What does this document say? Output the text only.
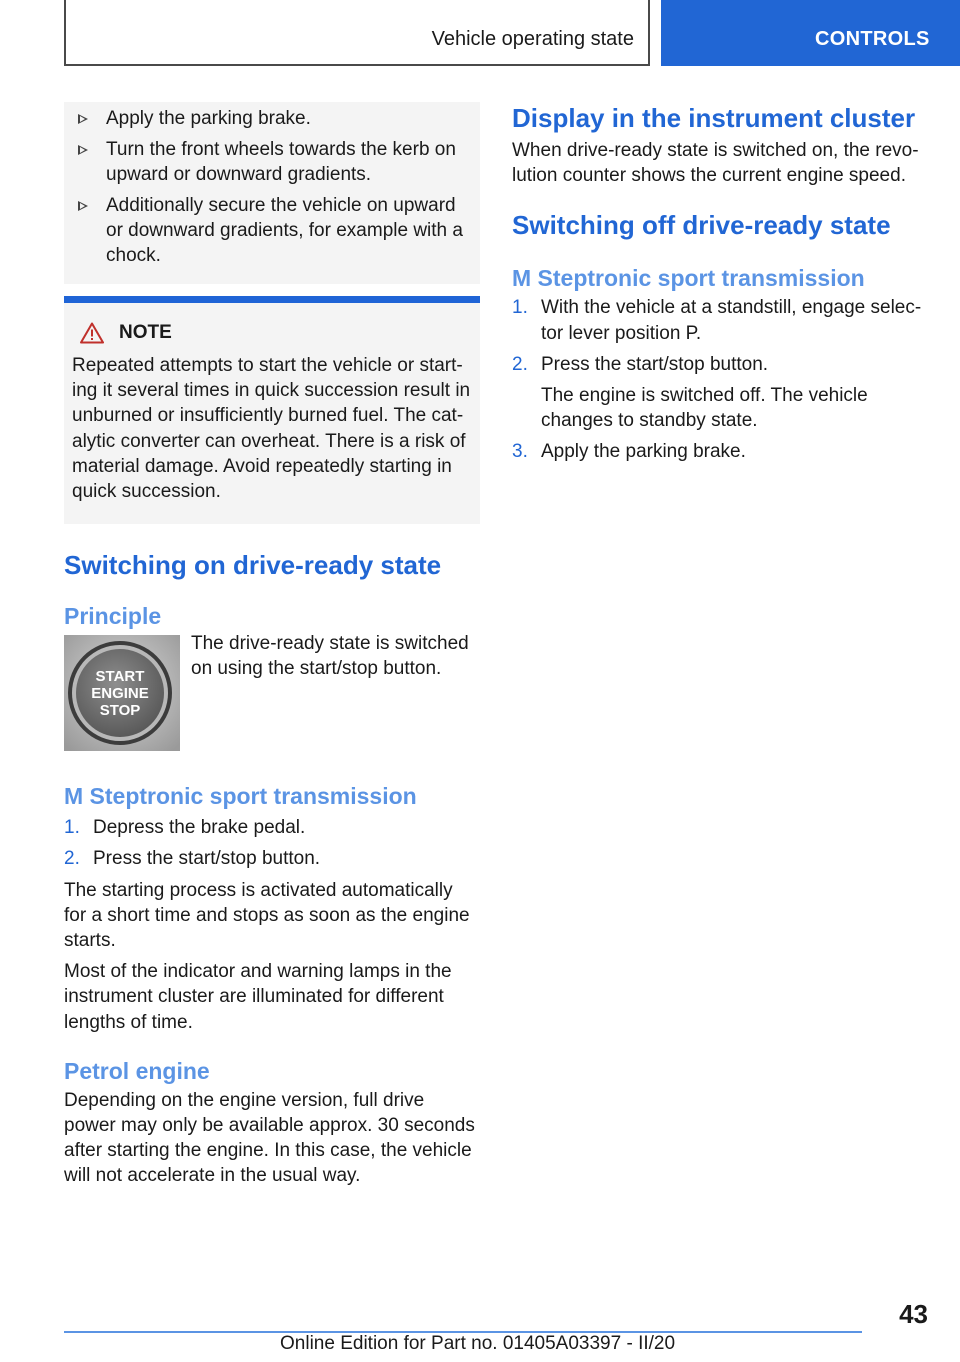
Vehicle operating state	CONTROLS
Apply the parking brake.
Turn the front wheels towards the kerb on upward or downward gradients.
Additionally secure the vehicle on upward or downward gradients, for example with a chock.
NOTE
Repeated attempts to start the vehicle or starting it several times in quick succession result in unburned or insufficiently burned fuel. The catalytic converter can overheat. There is a risk of material damage. Avoid repeatedly starting in quick succession.
Switching on drive-ready state
Principle
START
ENGINE
STOP
The drive-ready state is switched on using the start/stop button.
M Steptronic sport transmission
1. Depress the brake pedal.
2. Press the start/stop button.
The starting process is activated automatically for a short time and stops as soon as the engine starts.
Most of the indicator and warning lamps in the instrument cluster are illuminated for different lengths of time.
Petrol engine
Depending on the engine version, full drive power may only be available approx. 30 seconds after starting the engine. In this case, the vehicle will not accelerate in the usual way.
Display in the instrument cluster
When drive-ready state is switched on, the revolution counter shows the current engine speed.
Switching off drive-ready state
M Steptronic sport transmission
1. With the vehicle at a standstill, engage selector lever position P.
2. Press the start/stop button.
The engine is switched off. The vehicle changes to standby state.
3. Apply the parking brake.
43
Online Edition for Part no. 01405A03397 - II/20
